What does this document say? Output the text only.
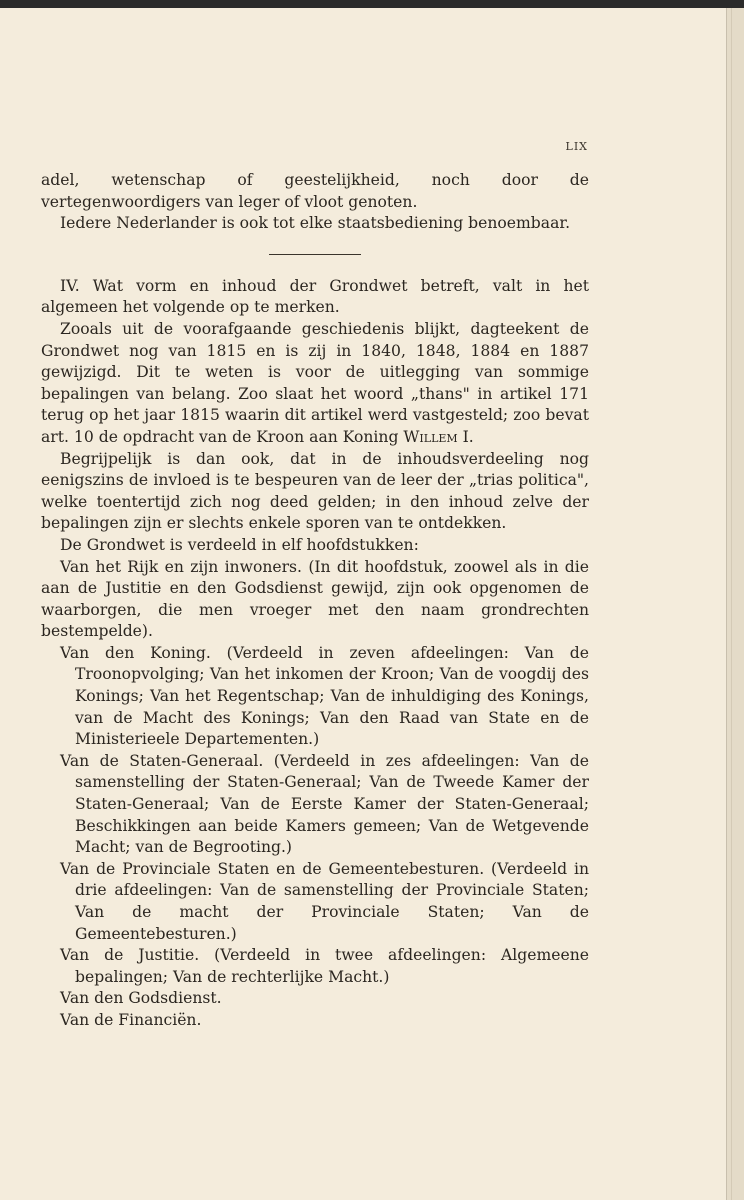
LIX

adel, wetenschap of geestelijkheid, noch door de vertegenwoordigers van leger of vloot genoten.

Iedere Nederlander is ook tot elke staatsbediening benoembaar.

IV. Wat vorm en inhoud der Grondwet betreft, valt in het algemeen het volgende op te merken.

Zooals uit de voorafgaande geschiedenis blijkt, dagteekent de Grondwet nog van 1815 en is zij in 1840, 1848, 1884 en 1887 gewijzigd. Dit te weten is voor de uitlegging van sommige bepalingen van belang. Zoo slaat het woord „thans" in artikel 171 terug op het jaar 1815 waarin dit artikel werd vastgesteld; zoo bevat art. 10 de opdracht van de Kroon aan Koning Willem I.

Begrijpelijk is dan ook, dat in de inhoudsverdeeling nog eenigszins de invloed is te bespeuren van de leer der „trias politica", welke toentertijd zich nog deed gelden; in den inhoud zelve der bepalingen zijn er slechts enkele sporen van te ontdekken.

De Grondwet is verdeeld in elf hoofdstukken:

Van het Rijk en zijn inwoners. (In dit hoofdstuk, zoowel als in die aan de Justitie en den Godsdienst gewijd, zijn ook opgenomen de waarborgen, die men vroeger met den naam grondrechten bestempelde).

Van den Koning. (Verdeeld in zeven afdeelingen: Van de Troonopvolging; Van het inkomen der Kroon; Van de voogdij des Konings; Van het Regentschap; Van de inhuldiging des Konings, van de Macht des Konings; Van den Raad van State en de Ministerieele Departementen.)

Van de Staten-Generaal. (Verdeeld in zes afdeelingen: Van de samenstelling der Staten-Generaal; Van de Tweede Kamer der Staten-Generaal; Van de Eerste Kamer der Staten-Generaal; Beschikkingen aan beide Kamers gemeen; Van de Wetgevende Macht; van de Begrooting.)

Van de Provinciale Staten en de Gemeentebesturen. (Verdeeld in drie afdeelingen: Van de samenstelling der Provinciale Staten; Van de macht der Provinciale Staten; Van de Gemeentebesturen.)

Van de Justitie. (Verdeeld in twee afdeelingen: Algemeene bepalingen; Van de rechterlijke Macht.)

Van den Godsdienst.

Van de Financiën.
